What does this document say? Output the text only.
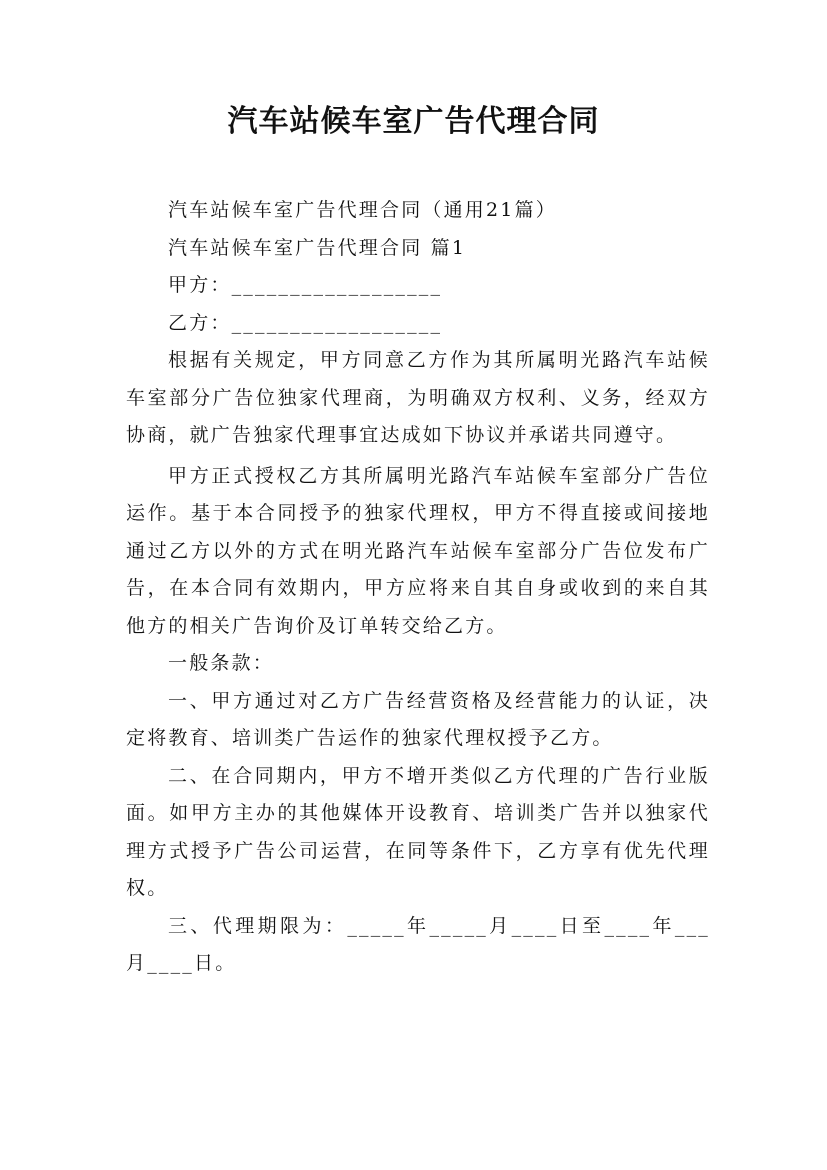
汽车站候车室广告代理合同

汽车站候车室广告代理合同（通用21篇）

汽车站候车室广告代理合同 篇1

甲方：__________________

乙方：__________________

根据有关规定，甲方同意乙方作为其所属明光路汽车站候车室部分广告位独家代理商，为明确双方权利、义务，经双方协商，就广告独家代理事宜达成如下协议并承诺共同遵守。

甲方正式授权乙方其所属明光路汽车站候车室部分广告位运作。基于本合同授予的独家代理权，甲方不得直接或间接地通过乙方以外的方式在明光路汽车站候车室部分广告位发布广告，在本合同有效期内，甲方应将来自其自身或收到的来自其他方的相关广告询价及订单转交给乙方。

一般条款：

一、甲方通过对乙方广告经营资格及经营能力的认证，决定将教育、培训类广告运作的独家代理权授予乙方。

二、在合同期内，甲方不增开类似乙方代理的广告行业版面。如甲方主办的其他媒体开设教育、培训类广告并以独家代理方式授予广告公司运营，在同等条件下，乙方享有优先代理权。

三、代理期限为：_____年_____月____日至____年___月____日。
